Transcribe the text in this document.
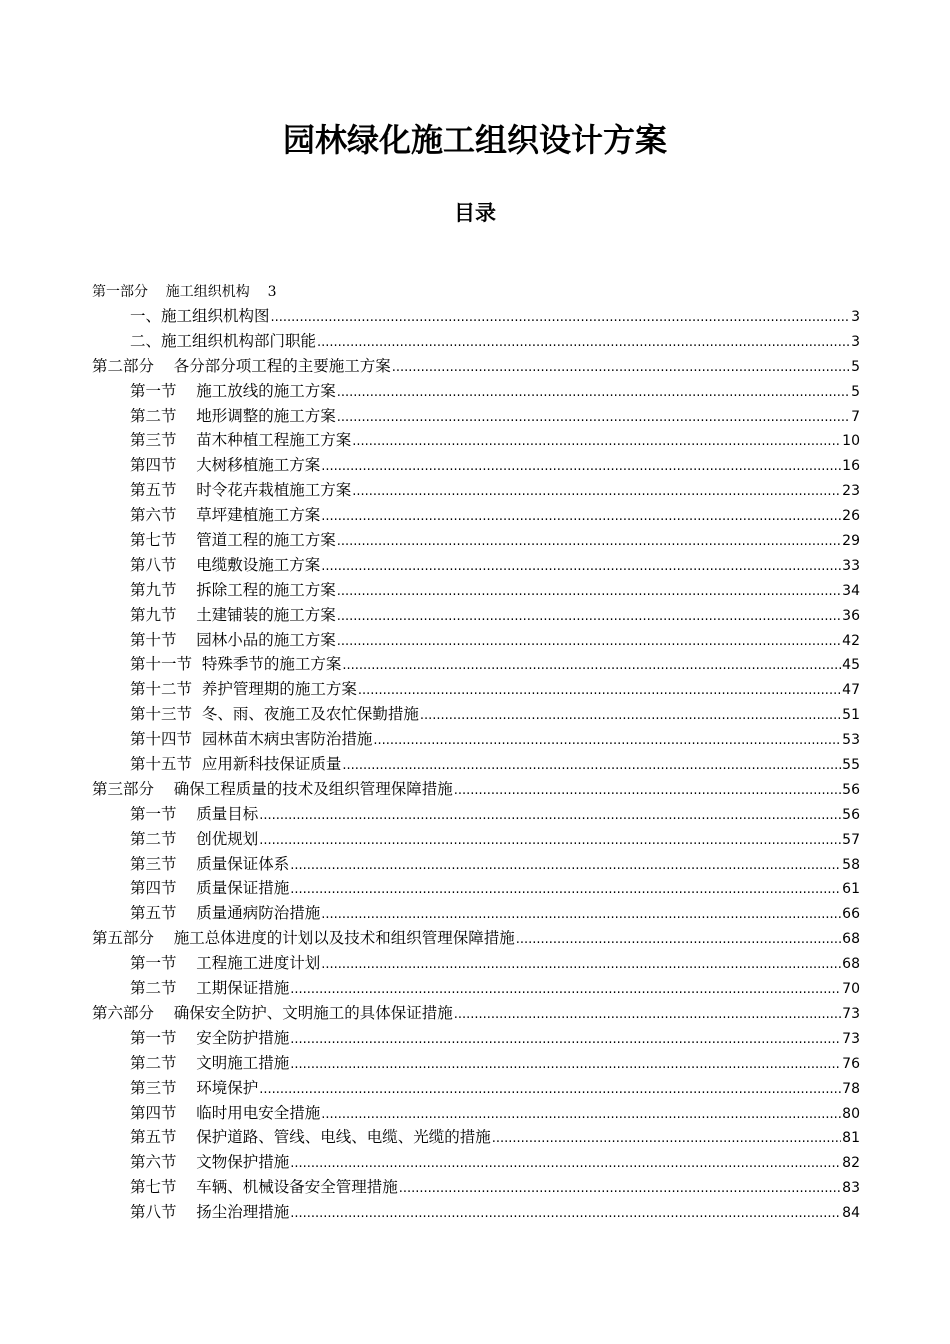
园林绿化施工组织设计方案
目录
第一部分    施工组织机构    3
一、施工组织机构图 .....	3
二、施工组织机构部门职能 .....	3
第二部分    各分部分项工程的主要施工方案 .....	5
第一节    施工放线的施工方案 .....	5
第二节    地形调整的施工方案 .....	7
第三节    苗木种植工程施工方案 .....	10
第四节    大树移植施工方案 .....	16
第五节    时令花卉栽植施工方案 .....	23
第六节    草坪建植施工方案 .....	26
第七节    管道工程的施工方案 .....	29
第八节    电缆敷设施工方案 .....	33
第九节    拆除工程的施工方案 .....	34
第九节    土建铺装的施工方案 .....	36
第十节    园林小品的施工方案 .....	42
第十一节  特殊季节的施工方案 .....	45
第十二节  养护管理期的施工方案 .....	47
第十三节  冬、雨、夜施工及农忙保勤措施 .....	51
第十四节  园林苗木病虫害防治措施 .....	53
第十五节  应用新科技保证质量 .....	55
第三部分    确保工程质量的技术及组织管理保障措施 .....	56
第一节    质量目标 .....	56
第二节    创优规划 .....	57
第三节    质量保证体系 .....	58
第四节    质量保证措施 .....	61
第五节    质量通病防治措施 .....	66
第五部分    施工总体进度的计划以及技术和组织管理保障措施 .....	68
第一节    工程施工进度计划 .....	68
第二节    工期保证措施 .....	70
第六部分    确保安全防护、文明施工的具体保证措施 .....	73
第一节    安全防护措施 .....	73
第二节    文明施工措施 .....	76
第三节    环境保护 .....	78
第四节    临时用电安全措施 .....	80
第五节    保护道路、管线、电线、电缆、光缆的措施 .....	81
第六节    文物保护措施 .....	82
第七节    车辆、机械设备安全管理措施 .....	83
第八节    扬尘治理措施 .....	84
